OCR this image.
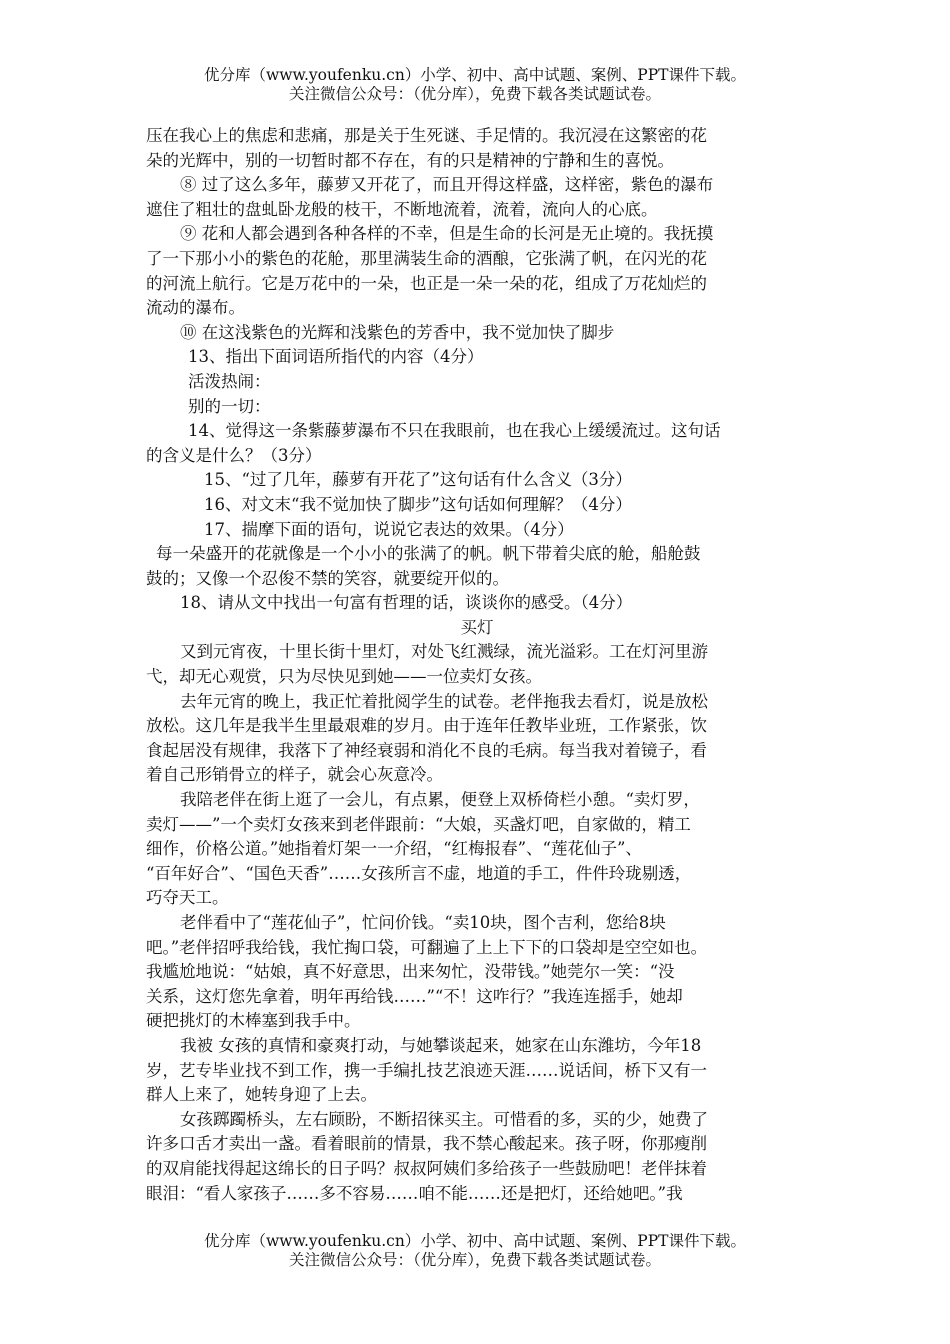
优分库（www.youfenku.cn）小学、初中、高中试题、案例、PPT课件下载。
关注微信公众号：（优分库），免费下载各类试题试卷。
压在我心上的焦虑和悲痛，那是关于生死谜、手足情的。我沉浸在这繁密的花
朵的光辉中，别的一切暂时都不存在，有的只是精神的宁静和生的喜悦。
⑧ 过了这么多年，藤萝又开花了，而且开得这样盛，这样密，紫色的瀑布
遮住了粗壮的盘虬卧龙般的枝干，不断地流着，流着，流向人的心底。
⑨ 花和人都会遇到各种各样的不幸，但是生命的长河是无止境的。我抚摸
了一下那小小的紫色的花舱，那里满装生命的酒酿，它张满了帆，在闪光的花
的河流上航行。它是万花中的一朵，也正是一朵一朵的花，组成了万花灿烂的
流动的瀑布。
⑩ 在这浅紫色的光辉和浅紫色的芳香中，我不觉加快了脚步
13、指出下面词语所指代的内容（4分）
活泼热闹：
别的一切：
14、觉得这一条紫藤萝瀑布不只在我眼前，也在我心上缓缓流过。这句话
的含义是什么？（3分）
15、“过了几年，藤萝有开花了”这句话有什么含义（3分）
16、对文末“我不觉加快了脚步”这句话如何理解？（4分）
17、揣摩下面的语句，说说它表达的效果。（4分）
每一朵盛开的花就像是一个小小的张满了的帆。帆下带着尖底的舱，船舱鼓
鼓的；又像一个忍俊不禁的笑容，就要绽开似的。
18、请从文中找出一句富有哲理的话，谈谈你的感受。（4分）
买灯
又到元宵夜，十里长街十里灯，对处飞红溅绿，流光溢彩。工在灯河里游
弋，却无心观赏，只为尽快见到她——一位卖灯女孩。
去年元宵的晚上，我正忙着批阅学生的试卷。老伴拖我去看灯，说是放松
放松。这几年是我半生里最艰难的岁月。由于连年任教毕业班，工作紧张，饮
食起居没有规律，我落下了神经衰弱和消化不良的毛病。每当我对着镜子，看
着自己形销骨立的样子，就会心灰意冷。
我陪老伴在街上逛了一会儿，有点累，便登上双桥倚栏小憩。“卖灯罗，
卖灯——”一个卖灯女孩来到老伴跟前：“大娘，买盏灯吧，自家做的，精工
细作，价格公道。”她指着灯架一一介绍，“红梅报春”、“莲花仙子”、
“百年好合”、“国色天香”……女孩所言不虚，地道的手工，件件玲珑剔透，
巧夺天工。
老伴看中了“莲花仙子”，忙问价钱。“卖10块，图个吉利，您给8块
吧。”老伴招呼我给钱，我忙掏口袋，可翻遍了上上下下的口袋却是空空如也。
我尴尬地说：“姑娘，真不好意思，出来匆忙，没带钱。”她莞尔一笑：“没
关系，这灯您先拿着，明年再给钱……”“不！这咋行？”我连连摇手，她却
硬把挑灯的木棒塞到我手中。
我被 女孩的真情和豪爽打动，与她攀谈起来，她家在山东潍坊，今年18
岁，艺专毕业找不到工作，携一手编扎技艺浪迹天涯……说话间，桥下又有一
群人上来了，她转身迎了上去。
女孩踯躅桥头，左右顾盼，不断招徕买主。可惜看的多，买的少，她费了
许多口舌才卖出一盏。看着眼前的情景，我不禁心酸起来。孩子呀，你那瘦削
的双肩能找得起这绵长的日子吗？叔叔阿姨们多给孩子一些鼓励吧！老伴抹着
眼泪：“看人家孩子……多不容易……咱不能……还是把灯，还给她吧。”我
优分库（www.youfenku.cn）小学、初中、高中试题、案例、PPT课件下载。
关注微信公众号：（优分库），免费下载各类试题试卷。
